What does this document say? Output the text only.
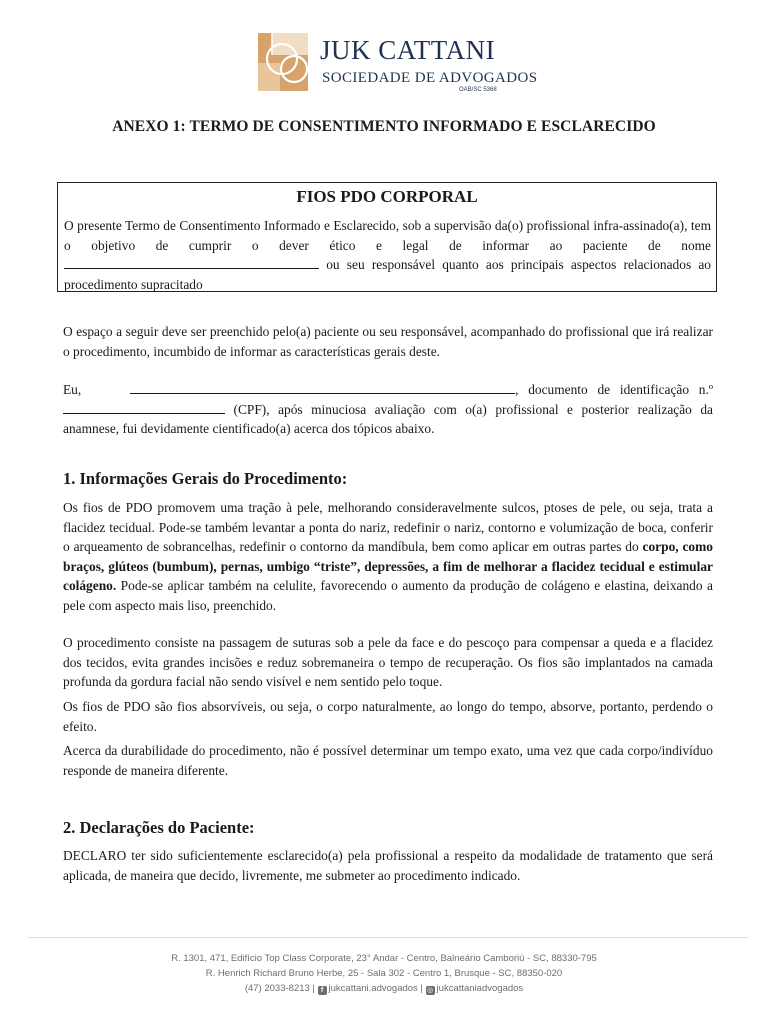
JUK CATTANI
SOCIEDADE DE ADVOGADOS
OAB/SC 5368
ANEXO 1: TERMO DE CONSENTIMENTO INFORMADO E ESCLARECIDO
FIOS PDO CORPORAL
O presente Termo de Consentimento Informado e Esclarecido, sob a supervisão da(o) profissional infra-assinado(a), tem o objetivo de cumprir o dever ético e legal de informar ao paciente de nome  ou seu responsável quanto aos principais aspectos relacionados ao procedimento supracitado

O espaço a seguir deve ser preenchido pelo(a) paciente ou seu responsável, acompanhado do profissional que irá realizar o procedimento, incumbido de informar as características gerais deste.

Eu,	, documento de identificação n.º (CPF), após minuciosa avaliação com o(a) profissional e posterior realização da anamnese, fui devidamente cientificado(a) acerca dos tópicos abaixo.

1. Informações Gerais do Procedimento:

Os fios de PDO promovem uma tração à pele, melhorando consideravelmente sulcos, ptoses de pele, ou seja, trata a flacidez tecidual. Pode-se também levantar a ponta do nariz, redefinir o nariz, contorno e volumização de boca, conferir o arqueamento de sobrancelhas, redefinir o contorno da mandíbula, bem como aplicar em outras partes do corpo, como braços, glúteos (bumbum), pernas, umbigo “triste”, depressões, a fim de melhorar a flacidez tecidual e estimular colágeno. Pode-se aplicar também na celulite, favorecendo o aumento da produção de colágeno e elastina, deixando a pele com aspecto mais liso, preenchido.

O procedimento consiste na passagem de suturas sob a pele da face e do pescoço para compensar a queda e a flacidez dos tecidos, evita grandes incisões e reduz sobremaneira o tempo de recuperação. Os fios são implantados na camada profunda da gordura facial não sendo visível e nem sentido pelo toque.

Os fios de PDO são fios absorvíveis, ou seja, o corpo naturalmente, ao longo do tempo, absorve, portanto, perdendo o efeito.

Acerca da durabilidade do procedimento, não é possível determinar um tempo exato, uma vez que cada corpo/indivíduo responde de maneira diferente.

2. Declarações do Paciente:

DECLARO ter sido suficientemente esclarecido(a) pela profissional a respeito da modalidade de tratamento que será aplicada, de maneira que decido, livremente, me submeter ao procedimento indicado.

R. 1301, 471, Edifício Top Class Corporate, 23° Andar - Centro, Balneário Camboriú - SC, 88330-795
R. Henrich Richard Bruno Herbe, 25 - Sala 302 - Centro 1, Brusque - SC, 88350-020
(47) 2033-8213 | f jukcattani.advogados | ◎ jukcattaniadvogados
